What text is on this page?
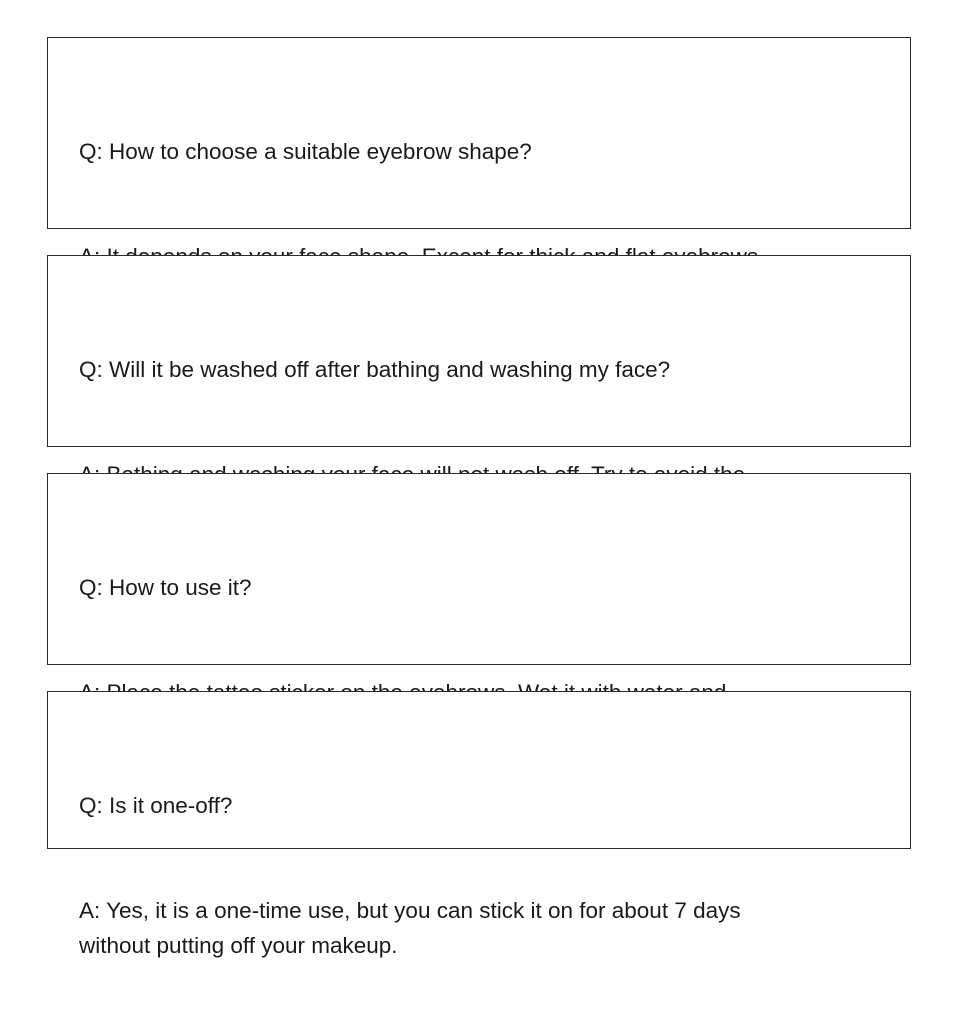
Q: How to choose a suitable eyebrow shape?

Q: Will it be washed off after bathing and washing my face?

Q: How to use it?

Q: Is it one-off?

A: Yes, it is a one-time use, but you can stick it on for about 7 days
without putting off your makeup.
